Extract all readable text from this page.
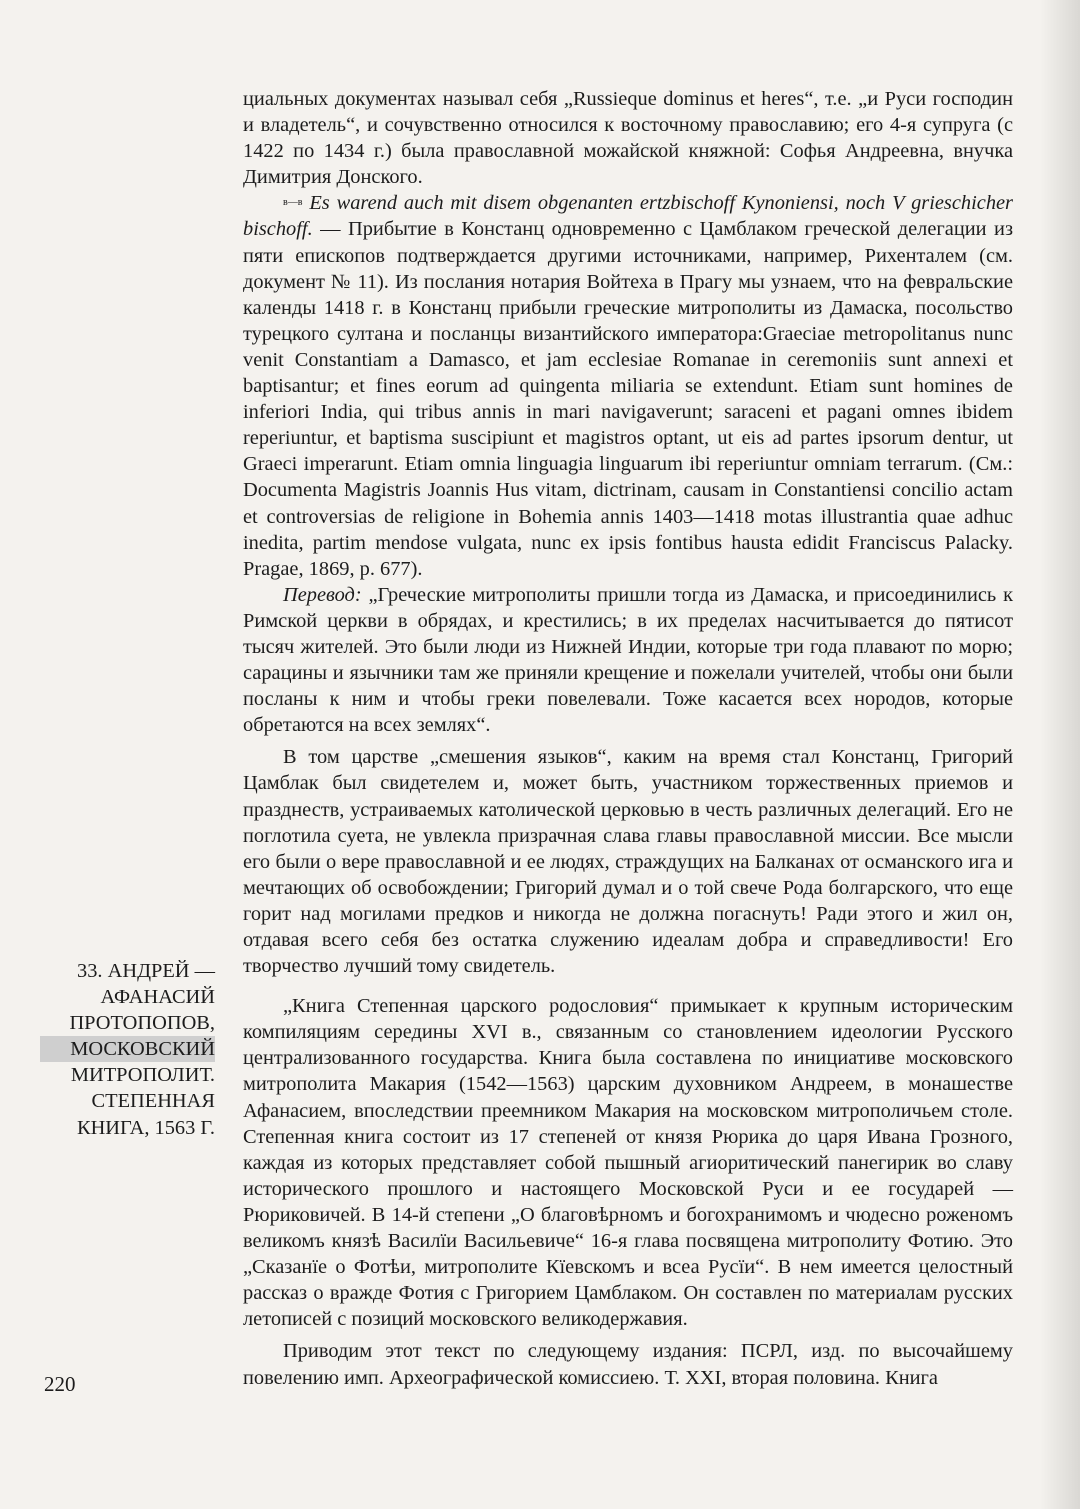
циальных документах называл себя „Russieque dominus et heres“, т.е. „и Руси господин и владетель“, и сочувственно относился к восточному православию; его 4-я супруга (с 1422 по 1434 г.) была православной можайской княжной: Софья Андреевна, внучка Димитрия Донского.

$^{в—в}$ Es warend auch mit disem obgenanten ertzbischoff Kynoniensi, noch V grieschicher bischoff. — Прибытие в Констанц одновременно с Цамблаком греческой делегации из пяти епископов подтверждается другими источниками, например, Рихенталем (см. документ № 11). Из послания нотария Войтеха в Прагу мы узнаем, что на февральские календы 1418 г. в Констанц прибыли греческие митрополиты из Дамаска, посольство турецкого султана и посланцы византийского императора:Graeciae metropolitanus nunc venit Constantiam a Damasco, et jam ecclesiae Romanae in ceremoniis sunt annexi et baptisantur; et fines eorum ad quingenta miliaria se extendunt. Etiam sunt homines de inferiori India, qui tribus annis in mari navigaverunt; saraceni et pagani omnes ibidem reperiuntur, et baptisma suscipiunt et magistros optant, ut eis ad partes ipsorum dentur, ut Graeci imperarunt. Etiam omnia linguagia linguarum ibi reperiuntur omniam terrarum. (См.: Documenta Magistris Joannis Hus vitam, dictrinam, causam in Constantiensi concilio actam et controversias de religione in Bohemia annis 1403—1418 motas illustrantia quae adhuc inedita, partim mendose vulgata, nunc ex ipsis fontibus hausta edidit Franciscus Palacky. Pragae, 1869, p. 677).

Перевод: „Греческие митрополиты пришли тогда из Дамаска, и присоединились к Римской церкви в обрядах, и крестились; в их пределах насчитывается до пятисот тысяч жителей. Это были люди из Нижней Индии, которые три года плавают по морю; сарацины и язычники там же приняли крещение и пожелали учителей, чтобы они были посланы к ним и чтобы греки повелевали. Тоже касается всех нородов, которые обретаются на всех землях“.

В том царстве „смешения языков“, каким на время стал Констанц, Григорий Цамблак был свидетелем и, может быть, участником торжественных приемов и празднеств, устраиваемых католической церковью в честь различных делегаций. Его не поглотила суета, не увлекла призрачная слава главы православной миссии. Все мысли его были о вере православной и ее людях, страждущих на Балканах от османского ига и мечтающих об освобождении; Григорий думал и о той свече Рода болгарского, что еще горит над могилами предков и никогда не должна погаснуть! Ради этого и жил он, отдавая всего себя без остатка служению идеалам добра и справедливости! Его творчество лучший тому свидетель.

„Книга Степенная царского родословия“ примыкает к крупным историческим компиляциям середины XVI в., связанным со становлением идеологии Русского централизованного государства. Книга была составлена по инициативе московского митрополита Макария (1542—1563) царским духовником Андреем, в монашестве Афанасием, впоследствии преемником Макария на московском митрополичьем столе. Степенная книга состоит из 17 степеней от князя Рюрика до царя Ивана Грозного, каждая из которых представляет собой пышный агиоритический панегирик во славу исторического прошлого и настоящего Московской Руси и ее государей — Рюриковичей. В 14-й степени „О благовѣрномъ и богохранимомъ и чюдесно роженомъ великомъ князѣ Василїи Васильевиче“ 16-я глава посвящена митрополиту Фотию. Это „Сказанїе о Фотѣи, митрополите Кїевскомъ и всеа Русїи“. В нем имеется целостный рассказ о вражде Фотия с Григорием Цамблаком. Он составлен по материалам русских летописей с позиций московского великодержавия.

Приводим этот текст по следующему издания: ПСРЛ, изд. по высочайшему повелению имп. Археографической комиссиею. Т. XXI, вторая половина. Книга

33. АНДРЕЙ —
АФАНАСИЙ
ПРОТОПОПОВ,
МОСКОВСКИЙ
МИТРОПОЛИТ.
СТЕПЕННАЯ
КНИГА, 1563 Г.
220
